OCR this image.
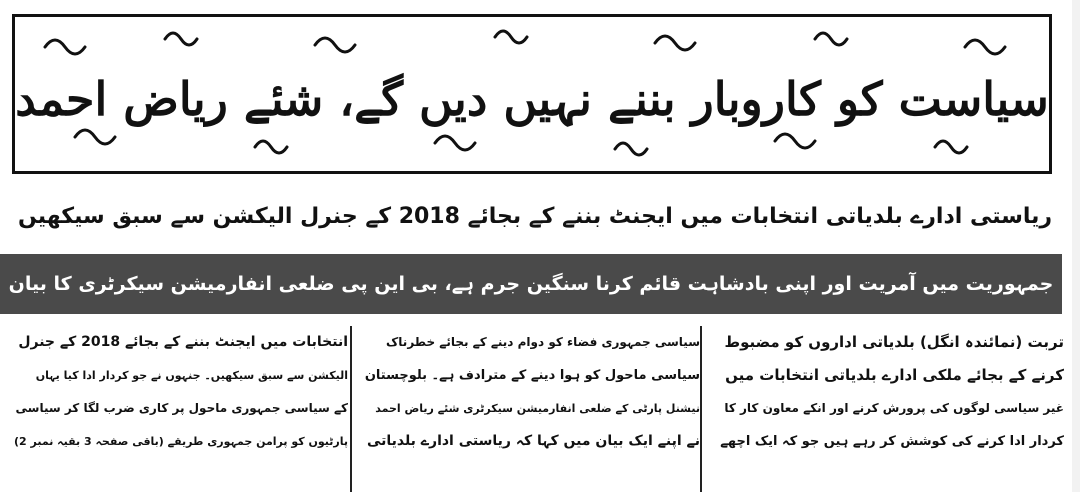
سیاست کو کاروبار بننے نہیں دیں گے، شئے ریاض احمد
ریاستی ادارے بلدیاتی انتخابات میں ایجنٹ بننے کے بجائے 2018 کے جنرل الیکشن سے سبق سیکھیں
جمہوریت میں آمریت اور اپنی بادشاہت قائم کرنا سنگین جرم ہے، بی این پی ضلعی انفارمیشن سیکرٹری کا بیان
تربت (نمائندہ انگل) بلدیاتی اداروں کو مضبوط
کرنے کے بجائے ملکی ادارے بلدیاتی انتخابات میں
غیر سیاسی لوگوں کی پرورش کرنے اور انکے معاون کار کا
کردار ادا کرنے کی کوشش کر رہے ہیں جو کہ ایک اچھے
سیاسی جمہوری فضاء کو دوام دینے کے بجائے خطرناک
سیاسی ماحول کو ہوا دینے کے مترادف ہے۔ بلوچستان
نیشنل پارٹی کے ضلعی انفارمیشن سیکرٹری شئے ریاض احمد
نے اپنے ایک بیان میں کہا کہ ریاستی ادارے بلدیاتی
انتخابات میں ایجنٹ بننے کے بجائے 2018 کے جنرل
الیکشن سے سبق سیکھیں۔ جنہوں نے جو کردار ادا کیا یہاں
کے سیاسی جمہوری ماحول پر کاری ضرب لگا کر سیاسی
پارٹیوں کو پرامن جمہوری طریقے (باقی صفحہ 3 بقیہ نمبر 2)
